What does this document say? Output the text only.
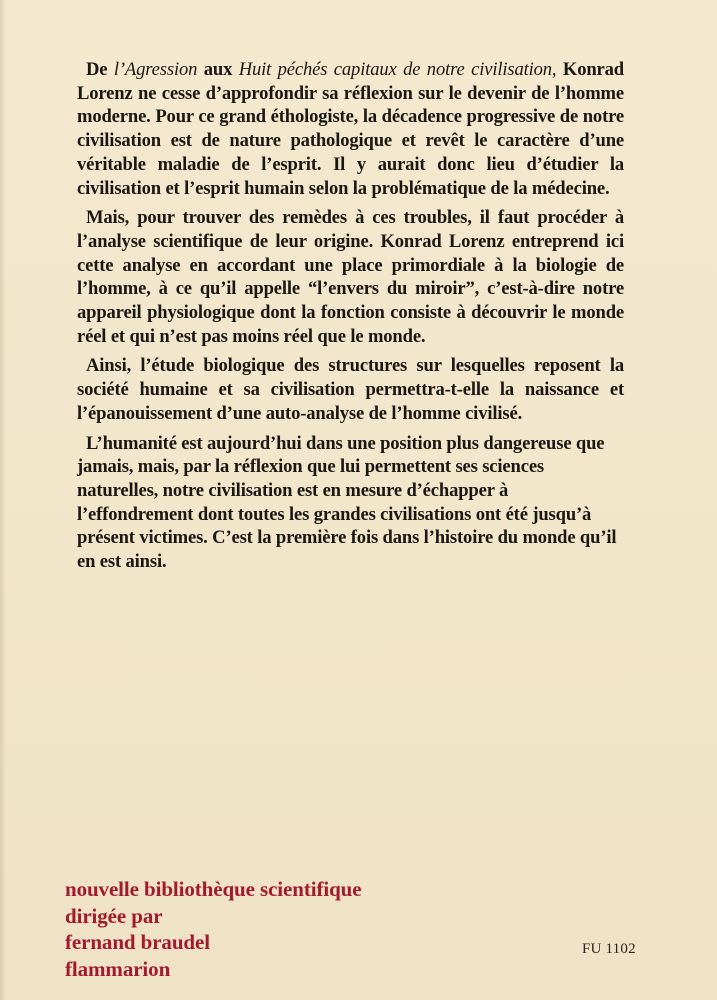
De l’Agression aux Huit péchés capitaux de notre civilisation, Konrad Lorenz ne cesse d’approfondir sa réflexion sur le devenir de l’homme moderne. Pour ce grand éthologiste, la décadence progressive de notre civilisation est de nature pathologique et revêt le caractère d’une véritable maladie de l’esprit. Il y aurait donc lieu d’étudier la civilisation et l’esprit humain selon la problématique de la médecine.

Mais, pour trouver des remèdes à ces troubles, il faut procéder à l’analyse scientifique de leur origine. Konrad Lorenz entreprend ici cette analyse en accordant une place primordiale à la biologie de l’homme, à ce qu’il appelle “l’envers du miroir”, c’est-à-dire notre appareil physiologique dont la fonction consiste à découvrir le monde réel et qui n’est pas moins réel que le monde.

Ainsi, l’étude biologique des structures sur lesquelles reposent la société humaine et sa civilisation permettra-t-elle la naissance et l’épanouissement d’une auto-analyse de l’homme civilisé.

L’humanité est aujourd’hui dans une position plus dangereuse que jamais, mais, par la réflexion que lui permettent ses sciences naturelles, notre civilisation est en mesure d’échapper à l’effondrement dont toutes les grandes civilisations ont été jusqu’à présent victimes. C’est la première fois dans l’histoire du monde qu’il en est ainsi.

nouvelle bibliothèque scientifique
dirigée par
fernand braudel
flammarion
FU 1102
